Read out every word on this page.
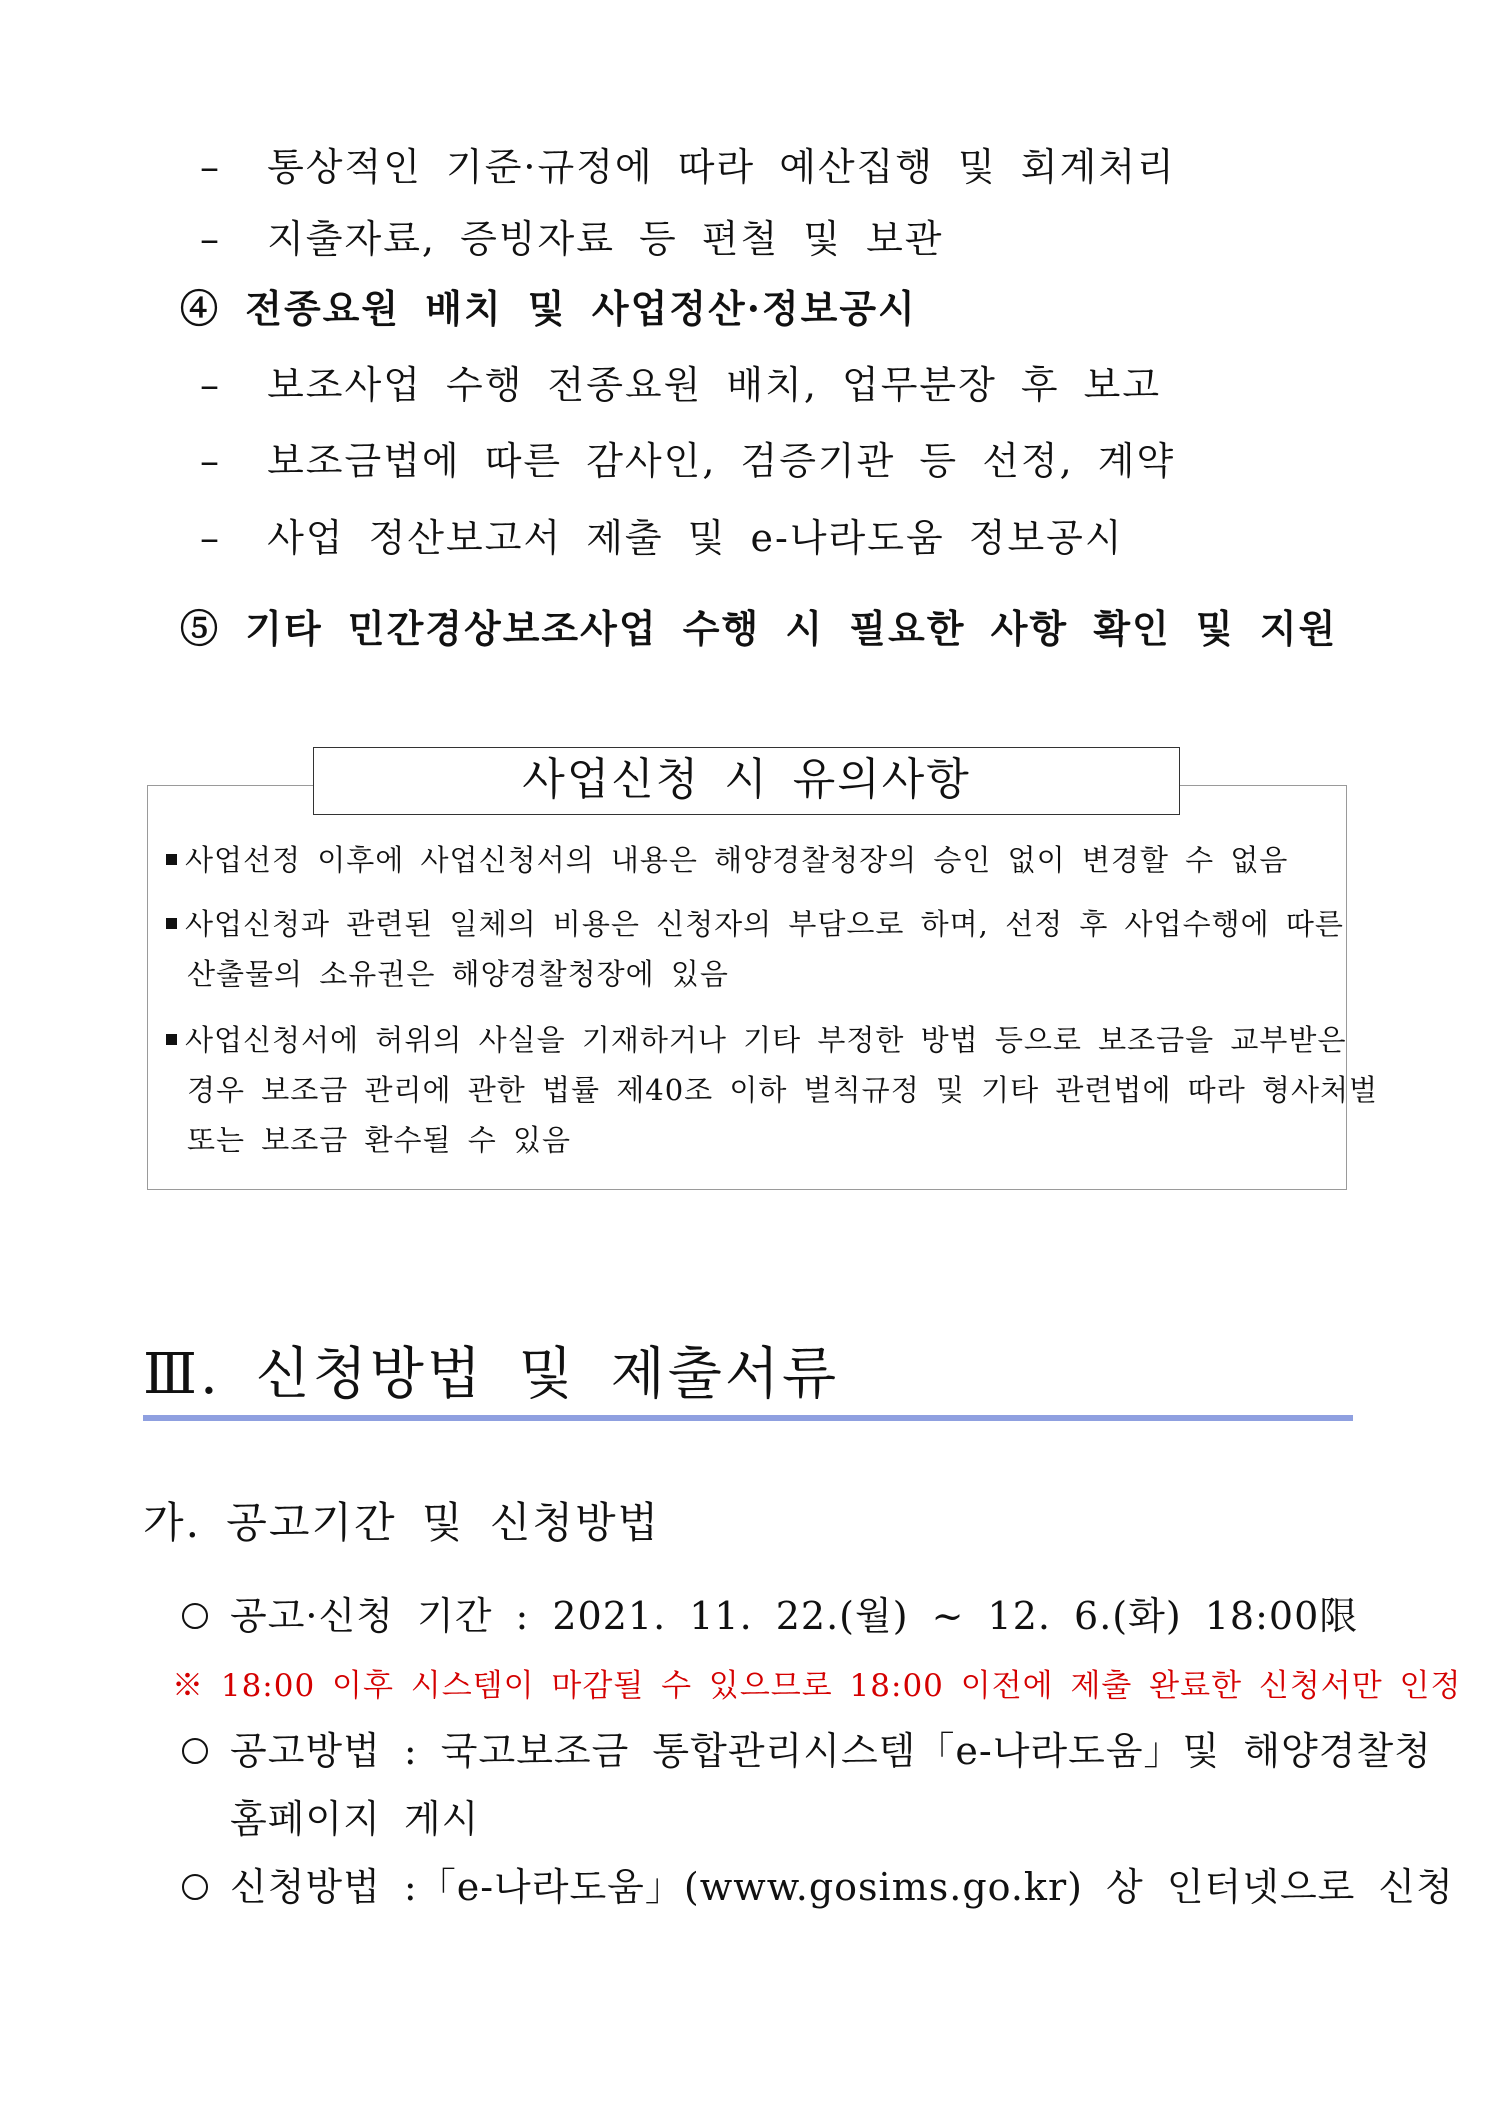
– 통상적인 기준·규정에 따라 예산집행 및 회계처리
– 지출자료, 증빙자료 등 편철 및 보관
④ 전종요원 배치 및 사업정산·정보공시
– 보조사업 수행 전종요원 배치, 업무분장 후 보고
– 보조금법에 따른 감사인, 검증기관 등 선정, 계약
– 사업 정산보고서 제출 및 e-나라도움 정보공시
⑤ 기타 민간경상보조사업 수행 시 필요한 사항 확인 및 지원
사업신청 시 유의사항
사업선정 이후에 사업신청서의 내용은 해양경찰청장의 승인 없이 변경할 수 없음
사업신청과 관련된 일체의 비용은 신청자의 부담으로 하며, 선정 후 사업수행에 따른
산출물의 소유권은 해양경찰청장에 있음
사업신청서에 허위의 사실을 기재하거나 기타 부정한 방법 등으로 보조금을 교부받은
경우 보조금 관리에 관한 법률 제40조 이하 벌칙규정 및 기타 관련법에 따라 형사처벌
또는 보조금 환수될 수 있음
Ⅲ. 신청방법 및 제출서류
가. 공고기간 및 신청방법
공고·신청 기간 : 2021. 11. 22.(월) ~ 12. 6.(화) 18:00限
※ 18:00 이후 시스템이 마감될 수 있으므로 18:00 이전에 제출 완료한 신청서만 인정
공고방법 : 국고보조금 통합관리시스템「e-나라도움」및 해양경찰청
홈페이지 게시
신청방법 :「e-나라도움」(www.gosims.go.kr) 상 인터넷으로 신청
